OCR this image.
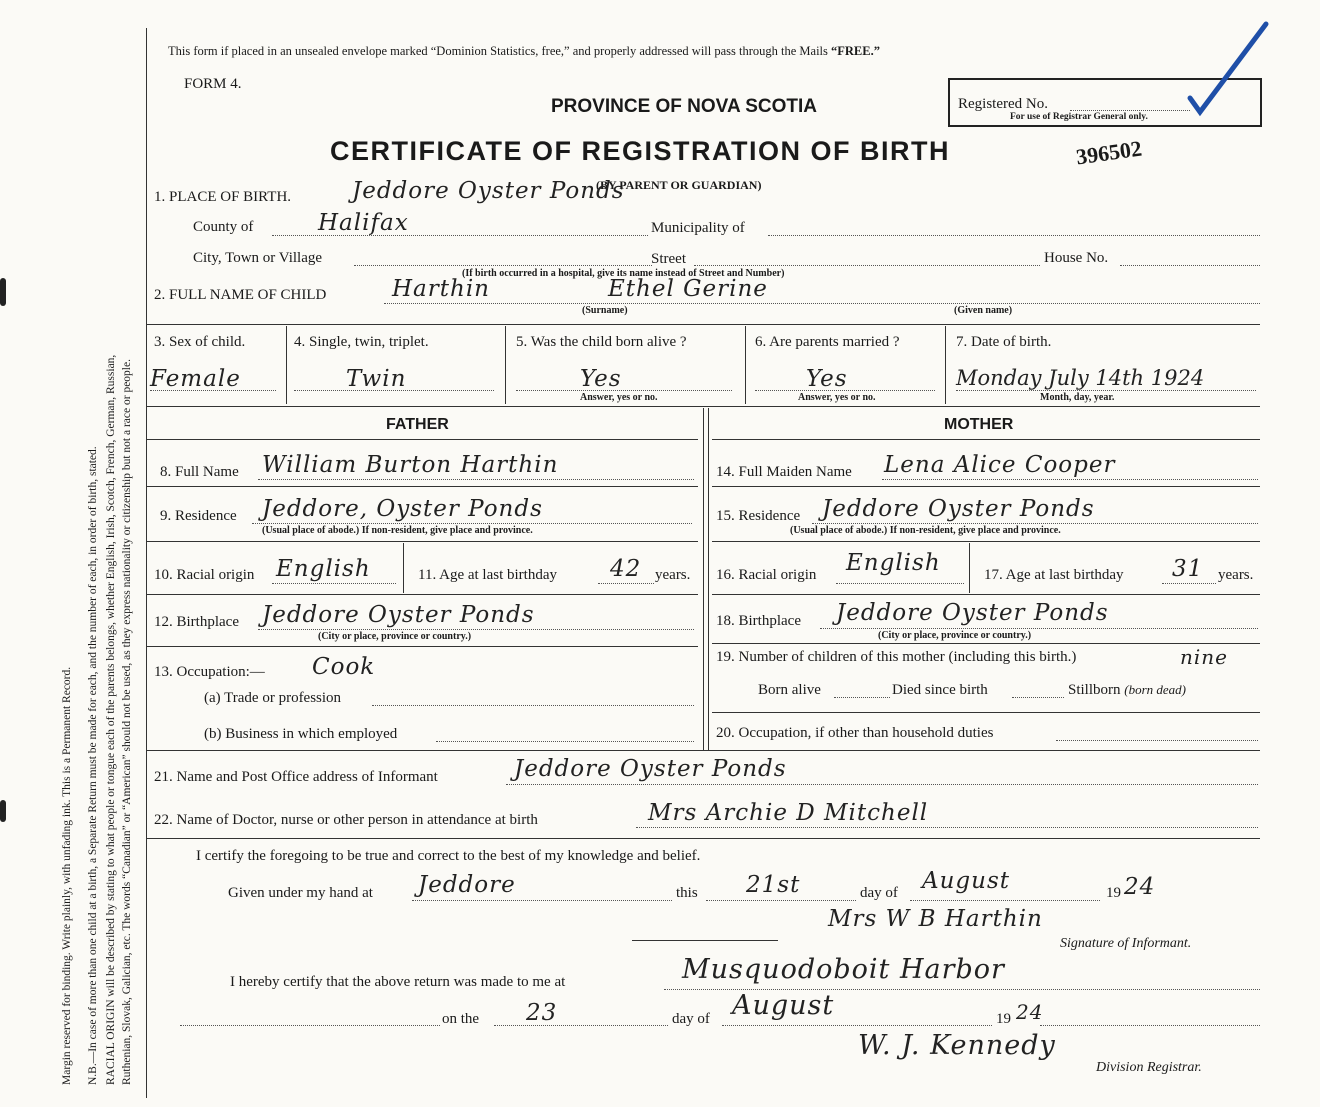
Margin reserved for binding. Write plainly, with unfading ink. This is a Permanent Record. N.B.—In case of more than one child at a birth, a Separate Return must be made for each, and the number of each, in order of birth, stated. RACIAL ORIGIN will be described by stating to what people or tongue each of the parents belongs, whether English, Irish, Scotch, French, German, Russian, Ruthenian, Slovak, Galician, etc. The words “Canadian” or “American” should not be used, as they express nationality or citizenship but not a race or people.
This form if placed in an unsealed envelope marked “Dominion Statistics, free,” and properly addressed will pass through the Mails “FREE.”
FORM 4.
PROVINCE OF NOVA SCOTIA
CERTIFICATE OF REGISTRATION OF BIRTH
(BY PARENT OR GUARDIAN)
Registered No.
For use of Registrar General only.
396502
1. PLACE OF BIRTH.	Jeddore Oyster Ponds
County of	Halifax	Municipality of
City, Town or Village	Street	House No.
(If birth occurred in a hospital, give its name instead of Street and Number)
2. FULL NAME OF CHILD	Harthin	Ethel Gerine
(Surname)	(Given name)
3. Sex of child.
Female
4. Single, twin, triplet.
Twin
5. Was the child born alive ?
Yes
Answer, yes or no.
6. Are parents married ?
Yes
Answer, yes or no.
7. Date of birth.
Monday July 14th 1924
Month, day, year.
FATHER	MOTHER
8. Full Name William Burton Harthin
9. Residence Jeddore, Oyster Ponds
(Usual place of abode.) If non-resident, give place and province.
10. Racial origin English	11. Age at last birthday 42 years.
12. Birthplace Jeddore Oyster Ponds
(City or place, province or country.)
13. Occupation:— Cook
(a) Trade or profession
(b) Business in which employed
14. Full Maiden Name Lena Alice Cooper
15. Residence Jeddore Oyster Ponds
(Usual place of abode.) If non-resident, give place and province.
16. Racial origin English	17. Age at last birthday 31 years.
18. Birthplace Jeddore Oyster Ponds
(City or place, province or country.)
19. Number of children of this mother (including this birth.)	nine
Born alive	Died since birth	Stillborn (born dead)
20. Occupation, if other than household duties
21. Name and Post Office address of Informant	Jeddore Oyster Ponds
22. Name of Doctor, nurse or other person in attendance at birth	Mrs Archie D Mitchell
I certify the foregoing to be true and correct to the best of my knowledge and belief.
Given under my hand at Jeddore	this 21st	day of August	19 24
Mrs W B Harthin
Signature of Informant.
I hereby certify that the above return was made to me at	Musquodoboit Harbor
on the 23	day of August	19 24
W. J. Kennedy
Division Registrar.
